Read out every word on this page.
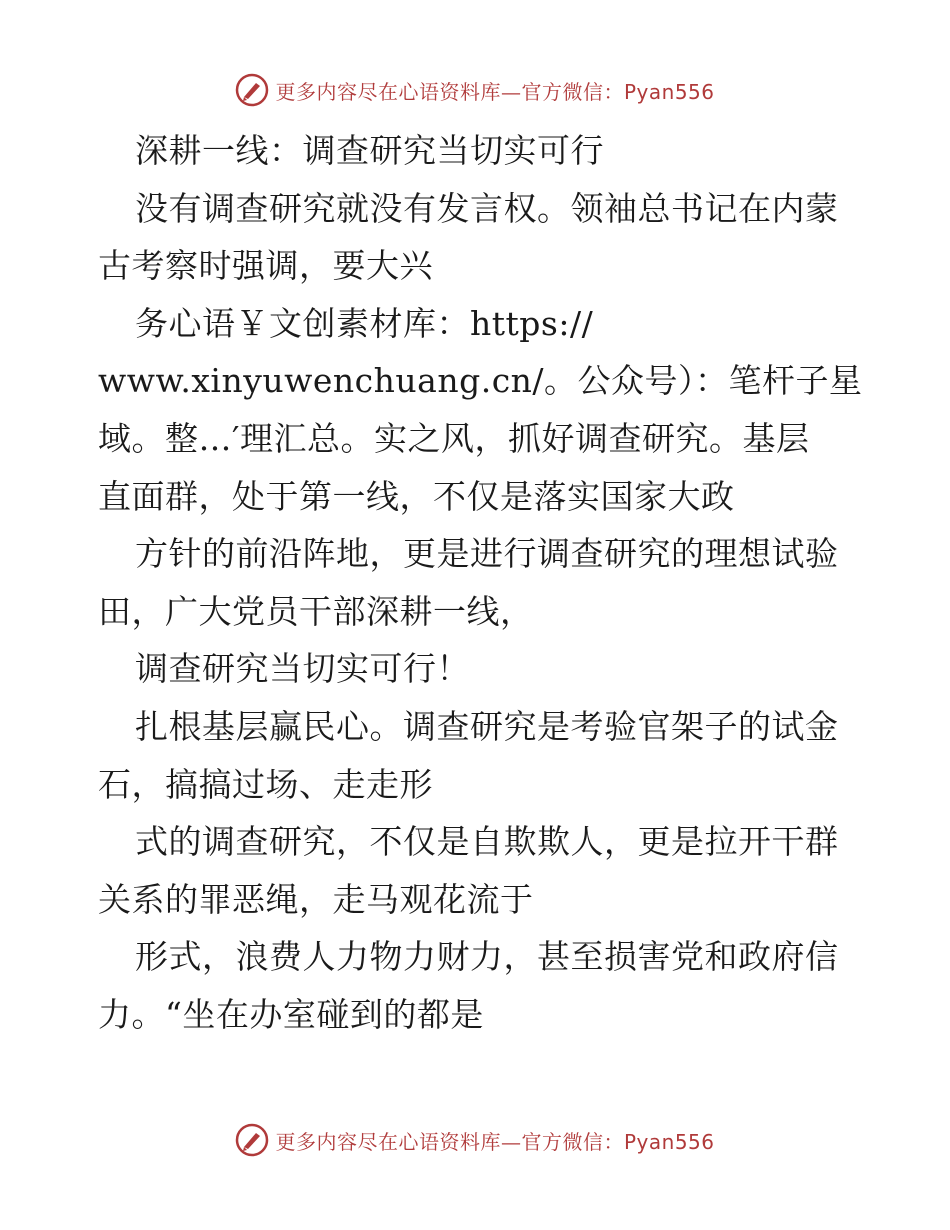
更多内容尽在心语资料库—官方微信：Pyan556
深耕一线：调查研究当切实可行
没有调查研究就没有发言权。领袖总书记在内蒙
古考察时强调，要大兴
务心语￥文创素材库：https://
www.xinyuwenchuang.cn/。公众号）：笔杆子星
域。整…′理汇总。实之风，抓好调查研究。基层
直面群，处于第一线，不仅是落实国家大政
方针的前沿阵地，更是进行调查研究的理想试验
田，广大党员干部深耕一线，
调查研究当切实可行！
扎根基层赢民心。调查研究是考验官架子的试金
石，搞搞过场、走走形
式的调查研究，不仅是自欺欺人，更是拉开干群
关系的罪恶绳，走马观花流于
形式，浪费人力物力财力，甚至损害党和政府信
力。“坐在办室碰到的都是
更多内容尽在心语资料库—官方微信：Pyan556
